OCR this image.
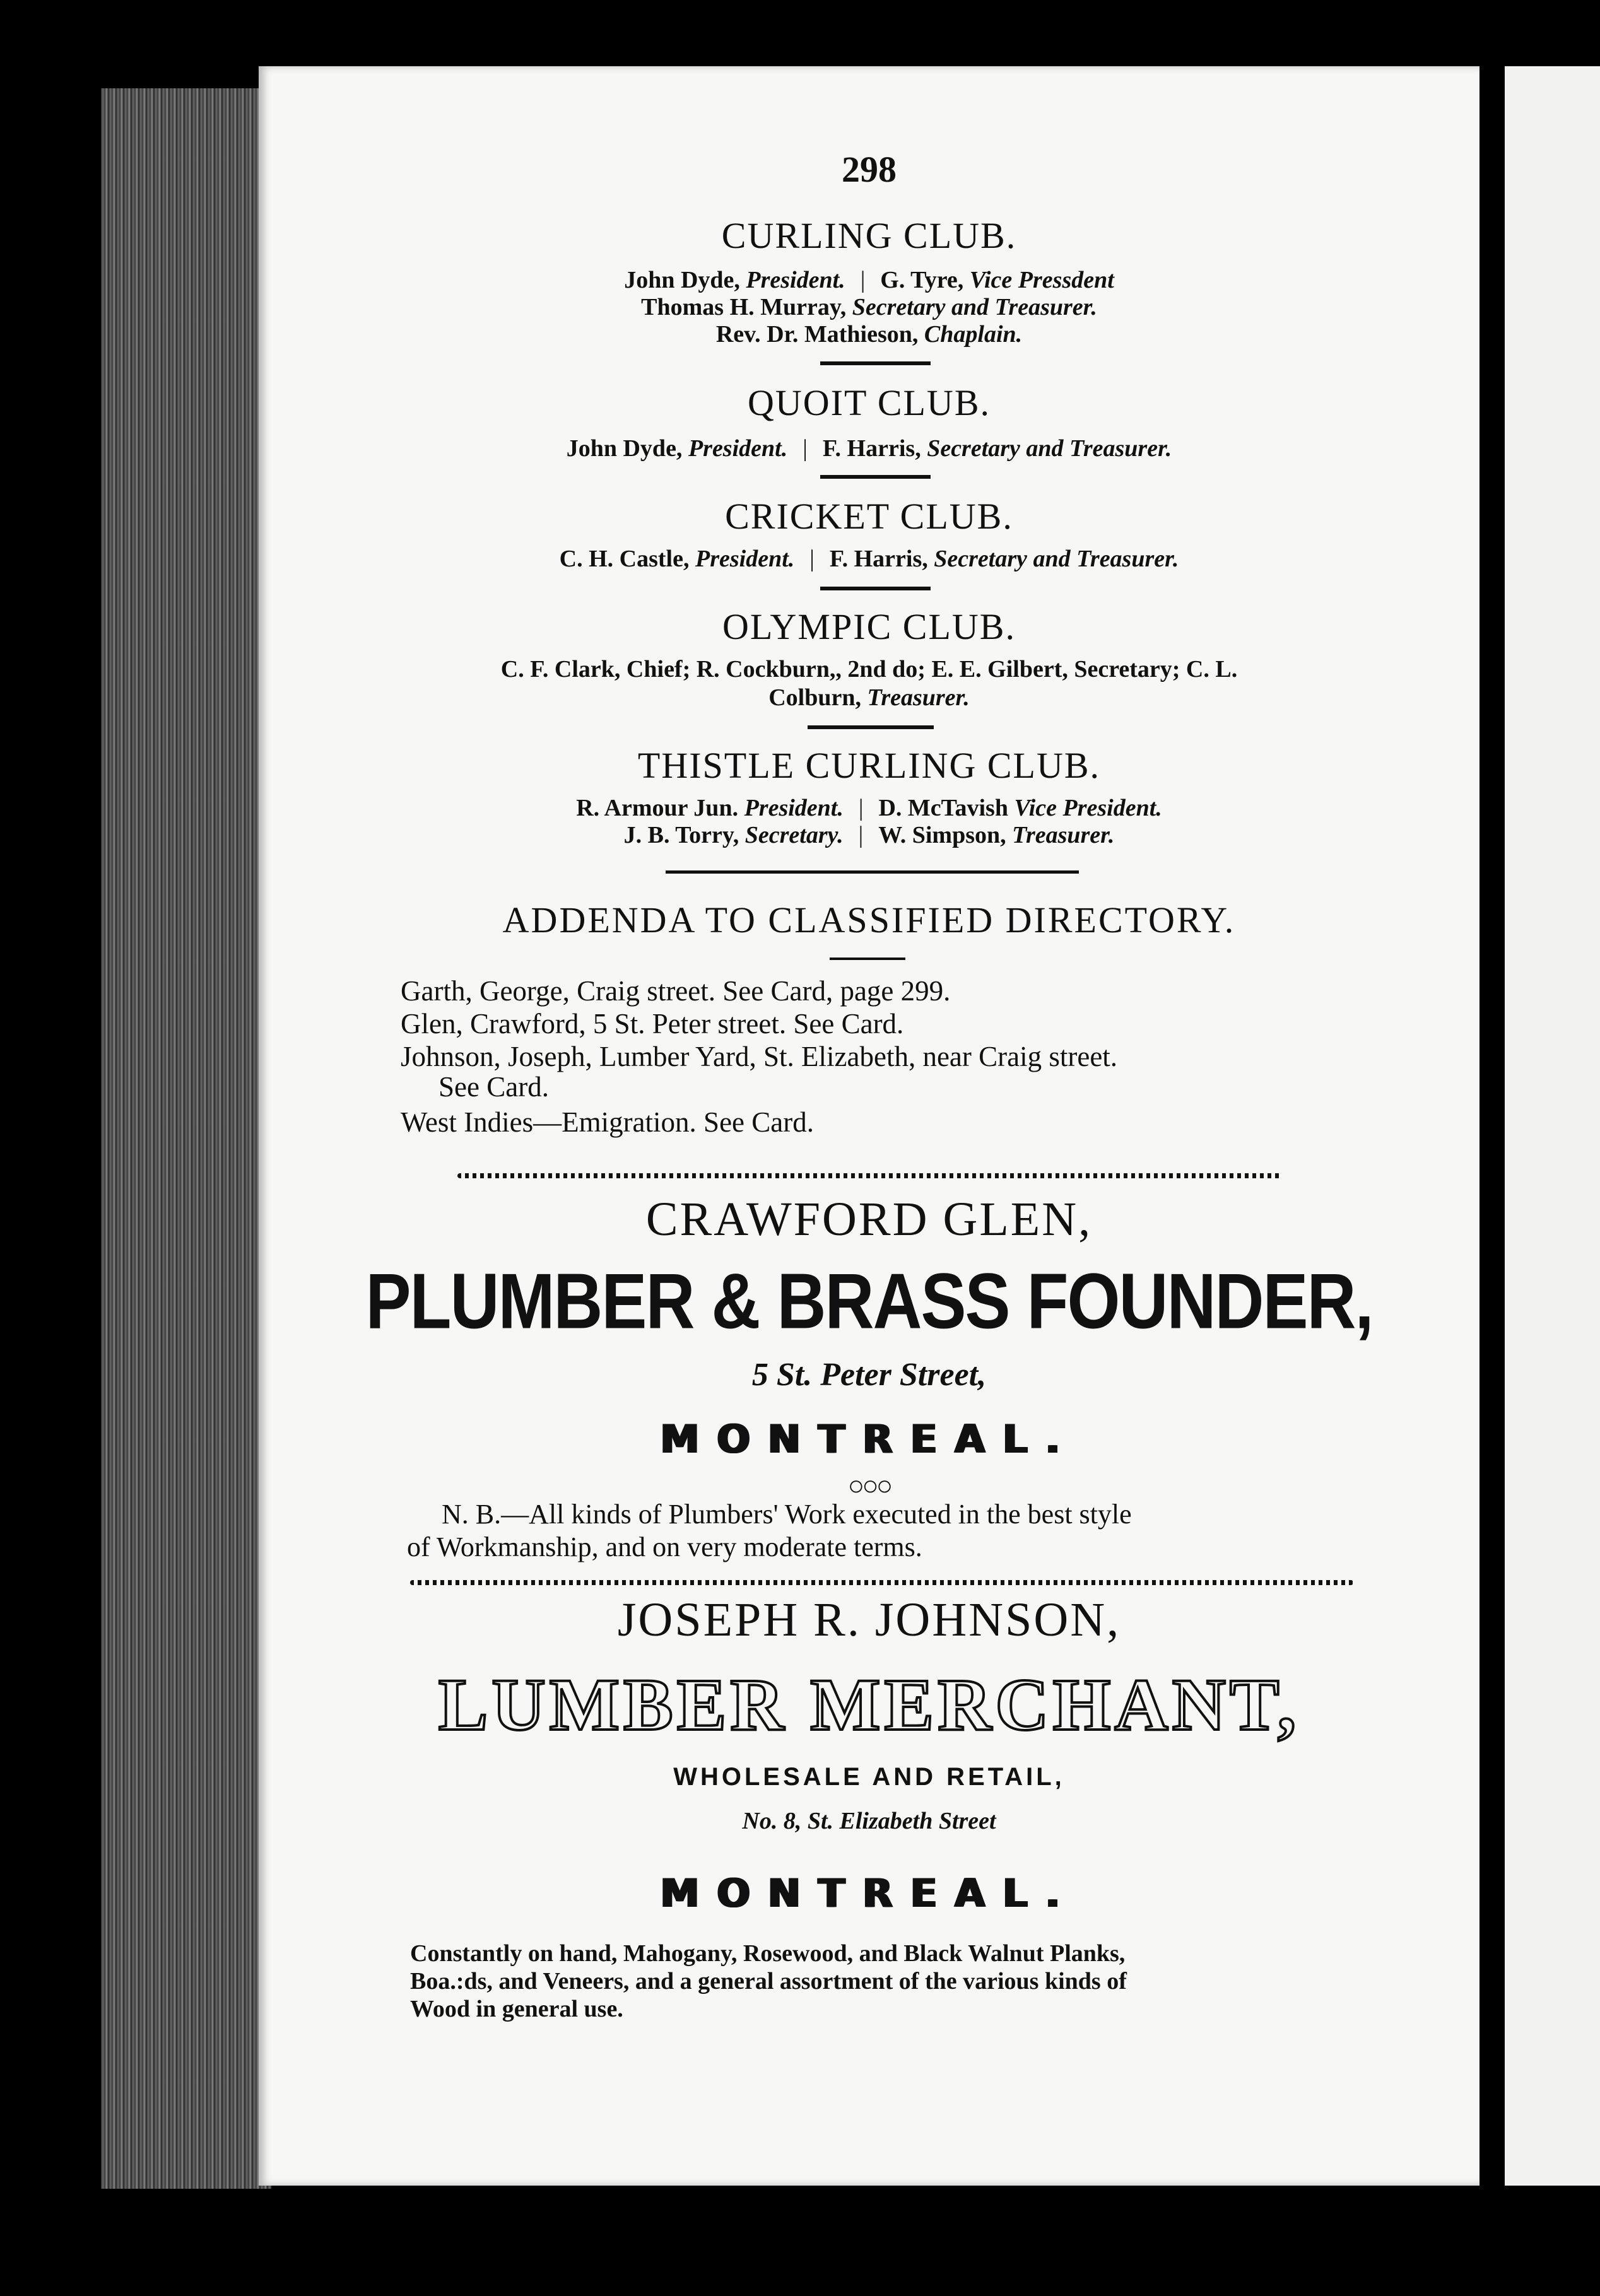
298
CURLING CLUB.
John Dyde, President. | G. Tyre, Vice Pressdent
Thomas H. Murray, Secretary and Treasurer.
Rev. Dr. Mathieson, Chaplain.
QUOIT CLUB.
John Dyde, President. | F. Harris, Secretary and Treasurer.
CRICKET CLUB.
C. H. Castle, President. | F. Harris, Secretary and Treasurer.
OLYMPIC CLUB.
C. F. Clark, Chief; R. Cockburn,, 2nd do; E. E. Gilbert, Secretary; C. L.
Colburn, Treasurer.
THISTLE CURLING CLUB.
R. Armour Jun. President. | D. McTavish Vice President.
J. B. Torry, Secretary. | W. Simpson, Treasurer.
ADDENDA TO CLASSIFIED DIRECTORY.
Garth, George, Craig street. See Card, page 299.
Glen, Crawford, 5 St. Peter street. See Card.
Johnson, Joseph, Lumber Yard, St. Elizabeth, near Craig street.
See Card.
West Indies—Emigration. See Card.
CRAWFORD GLEN,
PLUMBER & BRASS FOUNDER,
5 St. Peter Street,
MONTREAL.
○○○
N. B.—All kinds of Plumbers' Work executed in the best style
of Workmanship, and on very moderate terms.
JOSEPH R. JOHNSON,
LUMBER MERCHANT,
WHOLESALE AND RETAIL,
No. 8, St. Elizabeth Street
MONTREAL.
Constantly on hand, Mahogany, Rosewood, and Black Walnut Planks,
Boa.:ds, and Veneers, and a general assortment of the various kinds of
Wood in general use.
